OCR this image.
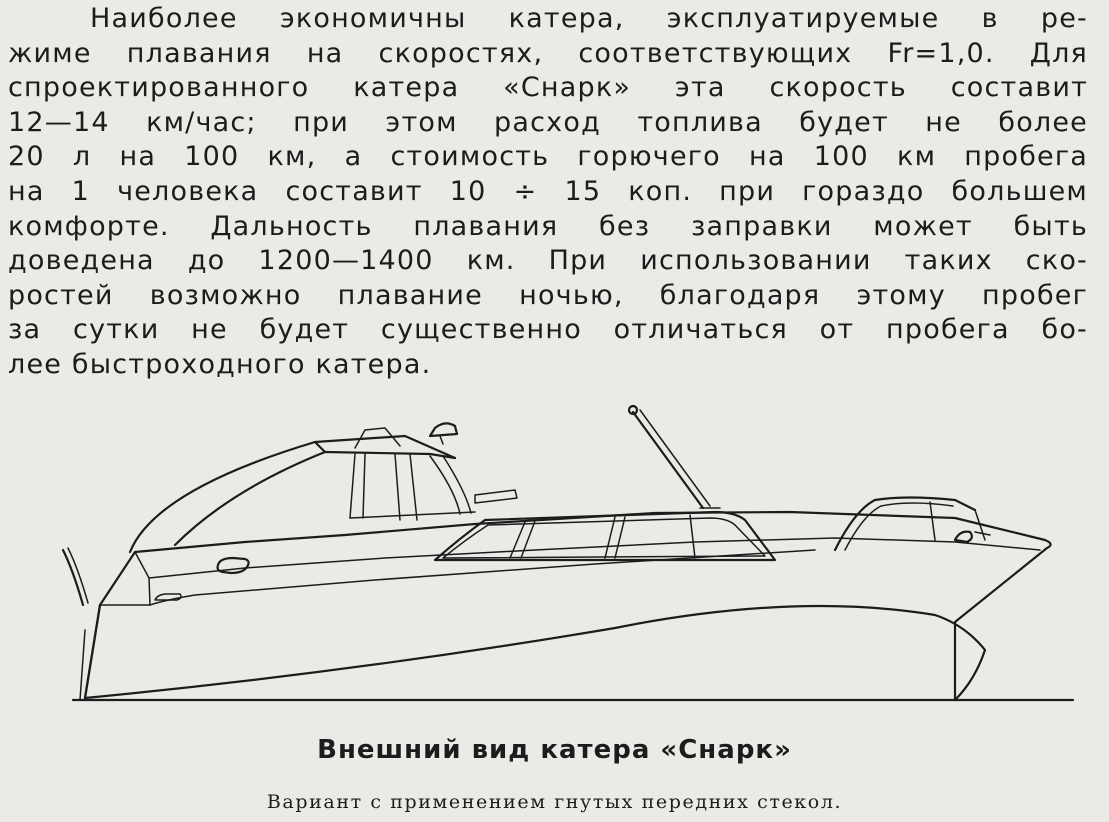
Наиболее экономичны катера, эксплуатируемые в ре-
жиме плавания на скоростях, соответствующих Fr=1,0. Для
спроектированного катера «Снарк» эта скорость составит
12—14 км/час; при этом расход топлива будет не более
20 л на 100 км, а стоимость горючего на 100 км пробега
на 1 человека составит 10 ÷ 15 коп. при гораздо большем
комфорте. Дальность плавания без заправки может быть
доведена до 1200—1400 км. При использовании таких ско-
ростей возможно плавание ночью, благодаря этому пробег
за сутки не будет существенно отличаться от пробега бо-
лее быстроходного катера.

Внешний вид катера «Снарк»

Вариант с применением гнутых передних стекол.
